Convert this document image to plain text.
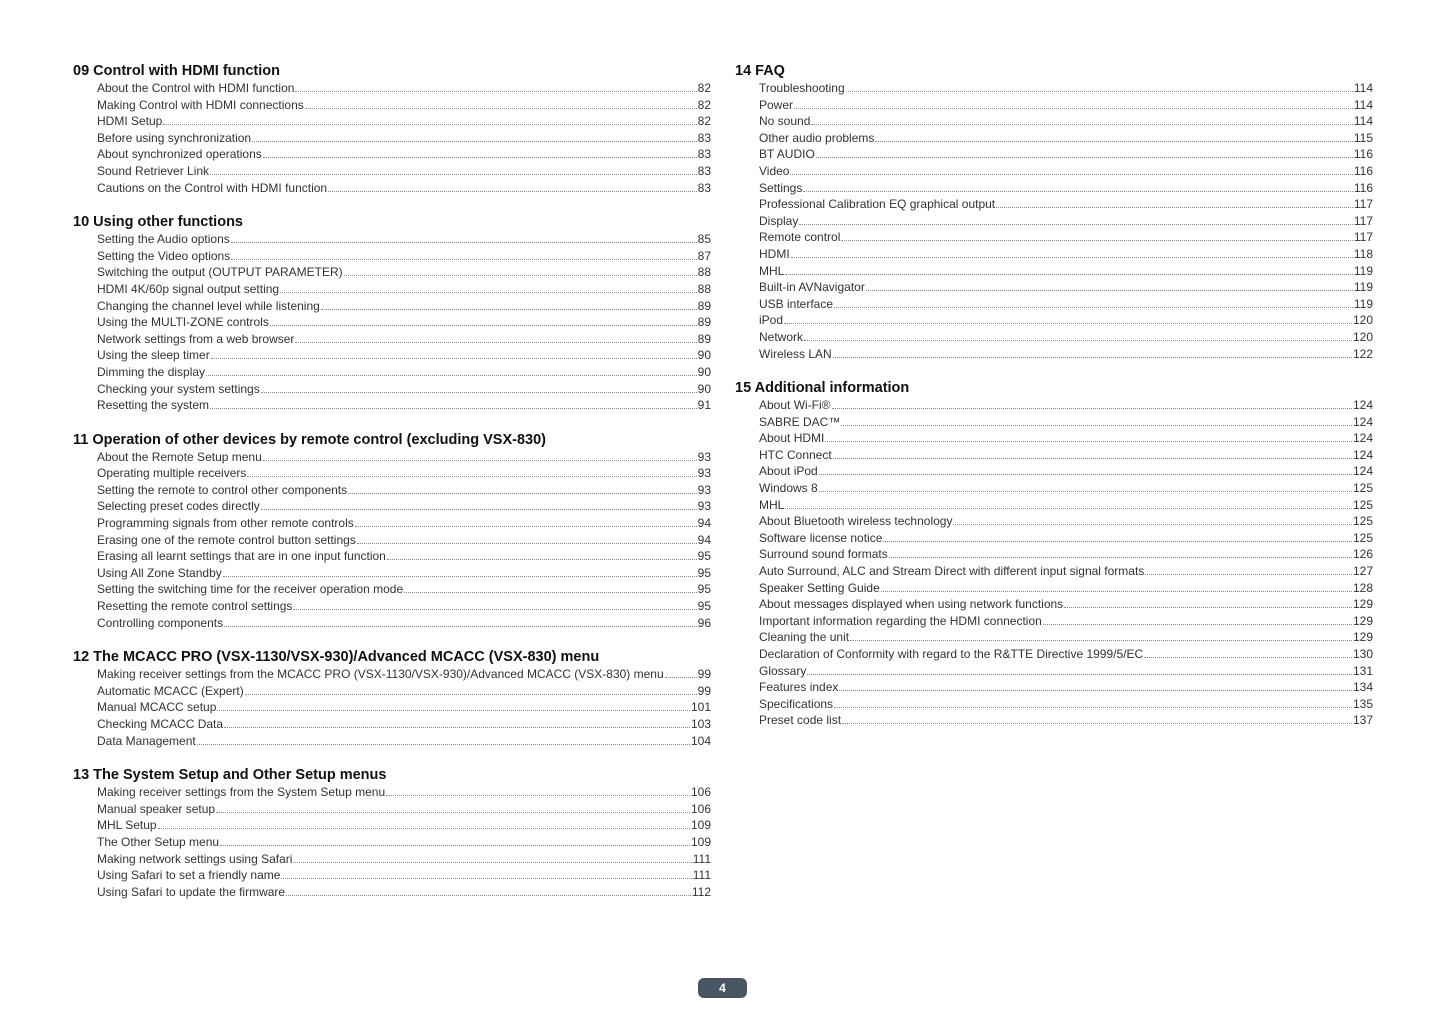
09 Control with HDMI function
About the Control with HDMI function	82
Making Control with HDMI connections	82
HDMI Setup	82
Before using synchronization	83
About synchronized operations	83
Sound Retriever Link	83
Cautions on the Control with HDMI function	83
10 Using other functions
Setting the Audio options	85
Setting the Video options	87
Switching the output (OUTPUT PARAMETER)	88
HDMI 4K/60p signal output setting	88
Changing the channel level while listening	89
Using the MULTI-ZONE controls	89
Network settings from a web browser	89
Using the sleep timer	90
Dimming the display	90
Checking your system settings	90
Resetting the system	91
11 Operation of other devices by remote control (excluding VSX-830)
About the Remote Setup menu	93
Operating multiple receivers	93
Setting the remote to control other components	93
Selecting preset codes directly	93
Programming signals from other remote controls	94
Erasing one of the remote control button settings	94
Erasing all learnt settings that are in one input function	95
Using All Zone Standby	95
Setting the switching time for the receiver operation mode	95
Resetting the remote control settings	95
Controlling components	96
12 The MCACC PRO (VSX-1130/VSX-930)/Advanced MCACC (VSX-830) menu
Making receiver settings from the MCACC PRO (VSX-1130/VSX-930)/Advanced MCACC (VSX-830) menu	99
Automatic MCACC (Expert)	99
Manual MCACC setup	101
Checking MCACC Data	103
Data Management	104
13 The System Setup and Other Setup menus
Making receiver settings from the System Setup menu	106
Manual speaker setup	106
MHL Setup	109
The Other Setup menu	109
Making network settings using Safari	111
Using Safari to set a friendly name	111
Using Safari to update the firmware	112
14 FAQ
Troubleshooting	114
Power	114
No sound	114
Other audio problems	115
BT AUDIO	116
Video	116
Settings	116
Professional Calibration EQ graphical output	117
Display	117
Remote control	117
HDMI	118
MHL	119
Built-in AVNavigator	119
USB interface	119
iPod	120
Network	120
Wireless LAN	122
15 Additional information
About Wi-Fi®	124
SABRE DAC™	124
About HDMI	124
HTC Connect	124
About iPod	124
Windows 8	125
MHL	125
About Bluetooth wireless technology	125
Software license notice	125
Surround sound formats	126
Auto Surround, ALC and Stream Direct with different input signal formats	127
Speaker Setting Guide	128
About messages displayed when using network functions	129
Important information regarding the HDMI connection	129
Cleaning the unit	129
Declaration of Conformity with regard to the R&TTE Directive 1999/5/EC	130
Glossary	131
Features index	134
Specifications	135
Preset code list	137
4
